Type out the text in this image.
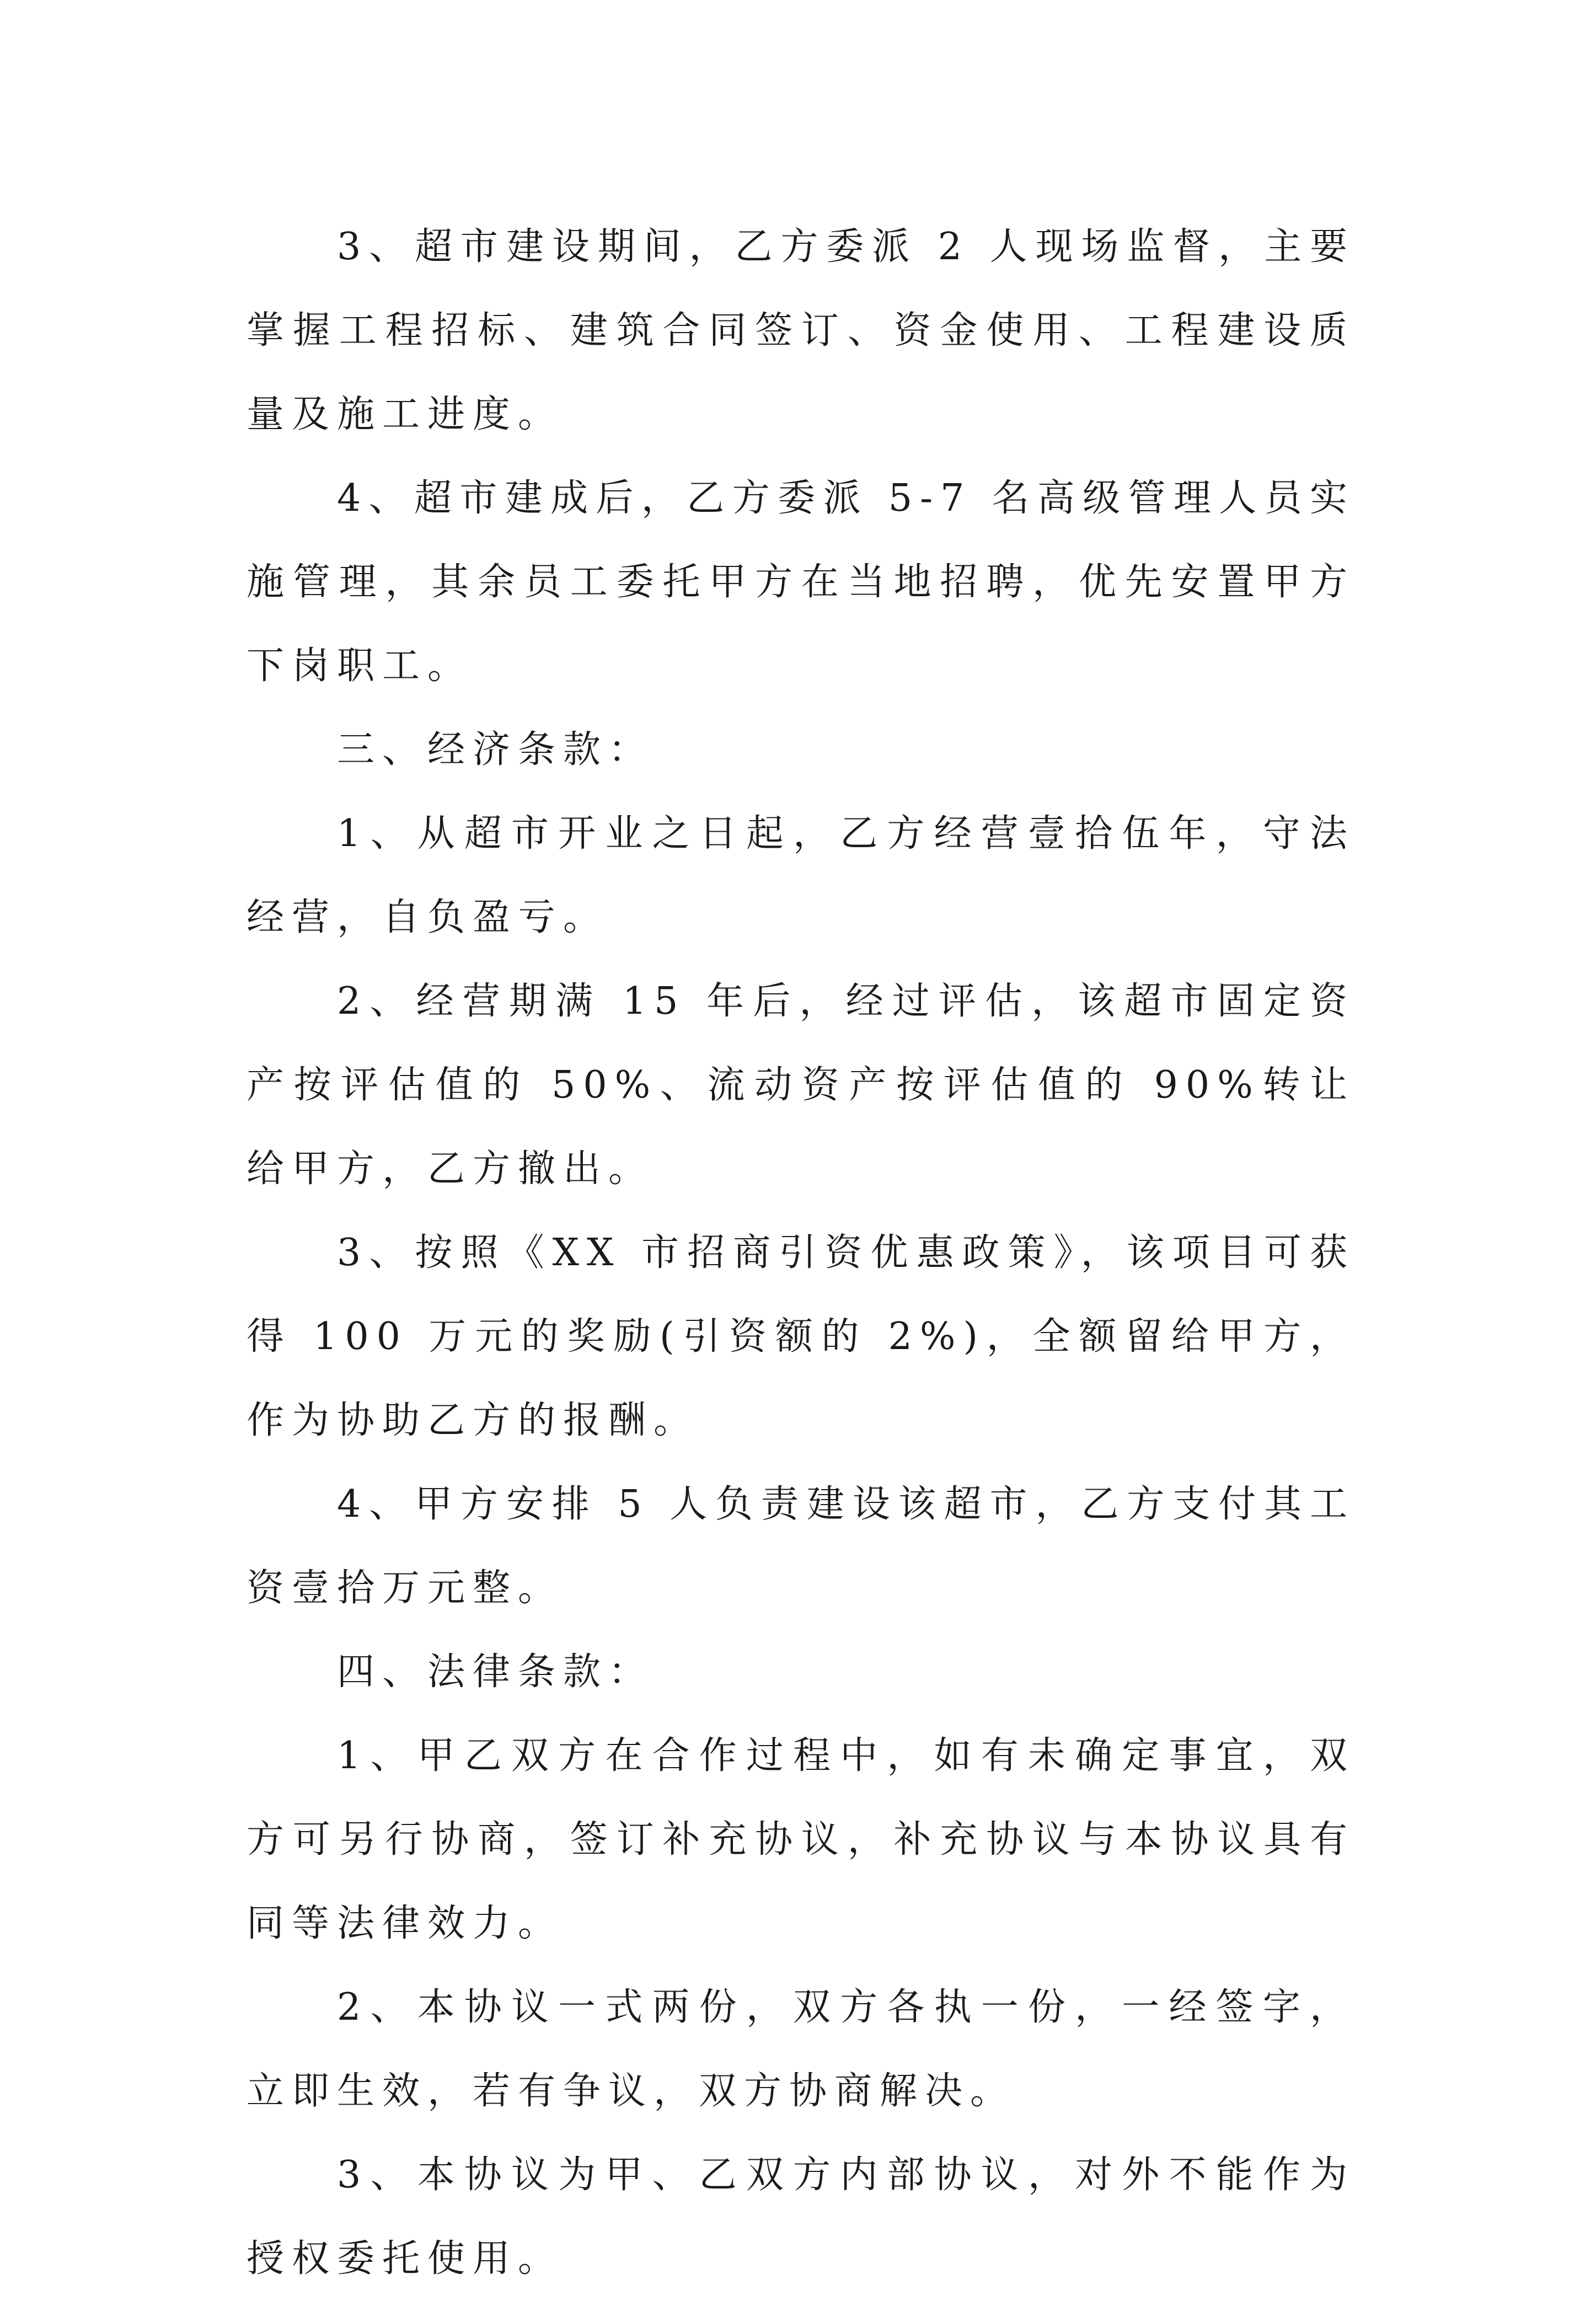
3、超市建设期间，乙方委派 2 人现场监督，主要掌握工程招标、建筑合同签订、资金使用、工程建设质量及施工进度。

4、超市建成后，乙方委派 5-7 名高级管理人员实施管理，其余员工委托甲方在当地招聘，优先安置甲方下岗职工。

三、经济条款：

1、从超市开业之日起，乙方经营壹拾伍年，守法经营，自负盈亏。

2、经营期满 15 年后，经过评估，该超市固定资产按评估值的 50%、流动资产按评估值的 90%转让给甲方，乙方撤出。

3、按照《XX 市招商引资优惠政策》，该项目可获得 100 万元的奖励(引资额的 2%)，全额留给甲方，作为协助乙方的报酬。

4、甲方安排 5 人负责建设该超市，乙方支付其工资壹拾万元整。

四、法律条款：

1、甲乙双方在合作过程中，如有未确定事宜，双方可另行协商，签订补充协议，补充协议与本协议具有同等法律效力。

2、本协议一式两份，双方各执一份，一经签字，立即生效，若有争议，双方协商解决。

3、本协议为甲、乙双方内部协议，对外不能作为授权委托使用。
